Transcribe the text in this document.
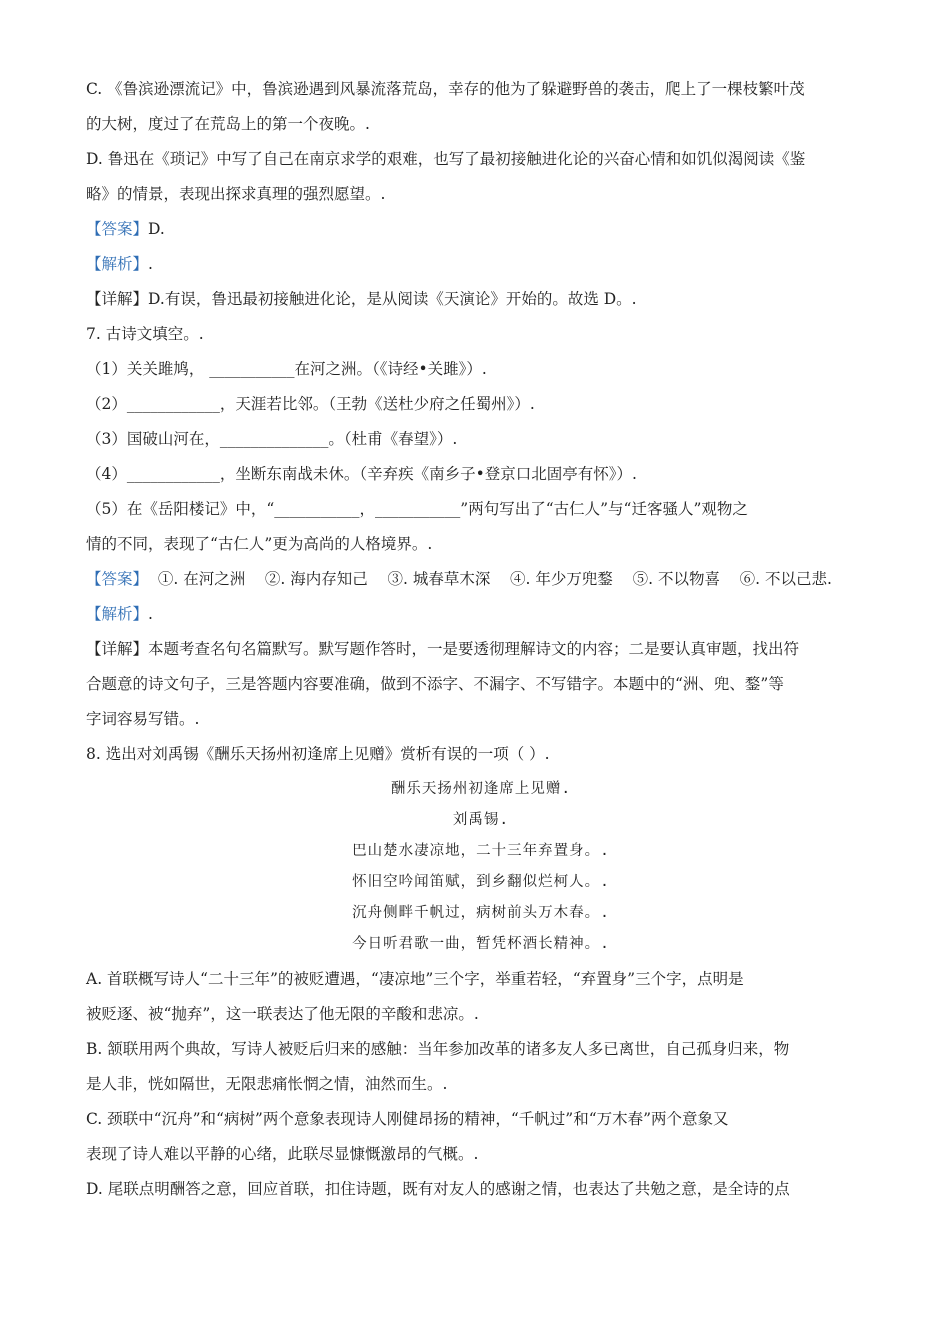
C. 《鲁滨逊漂流记》中，鲁滨逊遇到风暴流落荒岛，幸存的他为了躲避野兽的袭击，爬上了一棵枝繁叶茂
的大树，度过了在荒岛上的第一个夜晚。.
D. 鲁迅在《琐记》中写了自己在南京求学的艰难，也写了最初接触进化论的兴奋心情和如饥似渴阅读《鉴
略》的情景，表现出探求真理的强烈愿望。.
【答案】D.
【解析】.
【详解】D.有误，鲁迅最初接触进化论，是从阅读《天演论》开始的。故选 D。.
7. 古诗文填空。.
（1）关关雎鸠， ___________在河之洲。（《诗经•关雎》）.
（2）____________，天涯若比邻。（王勃《送杜少府之任蜀州》）.
（3）国破山河在，______________。（杜甫《春望》）.
（4）____________，坐断东南战未休。（辛弃疾《南乡子•登京口北固亭有怀》）.
（5）在《岳阳楼记》中，“___________，___________”两句写出了“古仁人”与“迁客骚人”观物之
情的不同，表现了“古仁人”更为高尚的人格境界。.
【答案】  ①. 在河之洲    ②. 海内存知己    ③. 城春草木深    ④. 年少万兜鍪    ⑤. 不以物喜    ⑥. 不以己悲.
【解析】.
【详解】本题考查名句名篇默写。默写题作答时，一是要透彻理解诗文的内容；二是要认真审题，找出符
合题意的诗文句子，三是答题内容要准确，做到不添字、不漏字、不写错字。本题中的“洲、兜、鍪”等
字词容易写错。.
8. 选出对刘禹锡《酬乐天扬州初逢席上见赠》赏析有误的一项（ ）.
酬乐天扬州初逢席上见赠.
刘禹锡.
巴山楚水凄凉地，二十三年弃置身。.
怀旧空吟闻笛赋，到乡翻似烂柯人。.
沉舟侧畔千帆过，病树前头万木春。.
今日听君歌一曲，暂凭杯酒长精神。.
A. 首联概写诗人“二十三年”的被贬遭遇，“凄凉地”三个字，举重若轻，“弃置身”三个字，点明是
被贬逐、被“抛弃”，这一联表达了他无限的辛酸和悲凉。.
B. 颔联用两个典故，写诗人被贬后归来的感触：当年参加改革的诸多友人多已离世，自己孤身归来，物
是人非，恍如隔世，无限悲痛怅惘之情，油然而生。.
C. 颈联中“沉舟”和“病树”两个意象表现诗人刚健昂扬的精神，“千帆过”和“万木春”两个意象又
表现了诗人难以平静的心绪，此联尽显慷慨激昂的气概。.
D. 尾联点明酬答之意，回应首联，扣住诗题，既有对友人的感谢之情，也表达了共勉之意，是全诗的点
